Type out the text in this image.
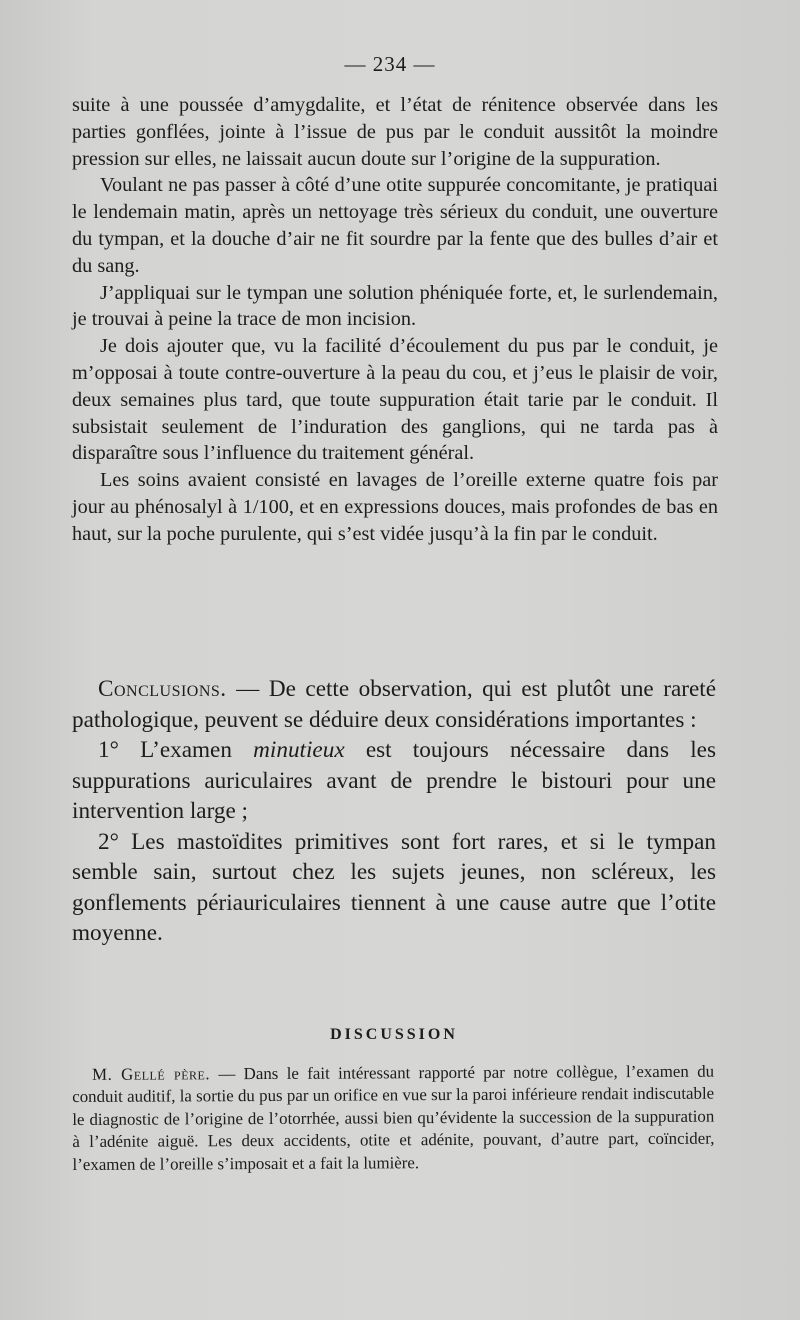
— 234 —

suite à une poussée d’amygdalite, et l’état de rénitence observée dans les parties gonflées, jointe à l’issue de pus par le conduit aussitôt la moindre pression sur elles, ne laissait aucun doute sur l’origine de la suppuration.

Voulant ne pas passer à côté d’une otite suppurée concomitante, je pratiquai le lendemain matin, après un nettoyage très sérieux du conduit, une ouverture du tympan, et la douche d’air ne fit sourdre par la fente que des bulles d’air et du sang.

J’appliquai sur le tympan une solution phéniquée forte, et, le surlendemain, je trouvai à peine la trace de mon incision.

Je dois ajouter que, vu la facilité d’écoulement du pus par le conduit, je m’opposai à toute contre-ouverture à la peau du cou, et j’eus le plaisir de voir, deux semaines plus tard, que toute suppuration était tarie par le conduit. Il subsistait seulement de l’induration des ganglions, qui ne tarda pas à disparaître sous l’influence du traitement général.

Les soins avaient consisté en lavages de l’oreille externe quatre fois par jour au phénosalyl à 1/100, et en expressions douces, mais profondes de bas en haut, sur la poche purulente, qui s’est vidée jusqu’à la fin par le conduit.

Conclusions. — De cette observation, qui est plutôt une rareté pathologique, peuvent se déduire deux considérations importantes :

1° L’examen minutieux est toujours nécessaire dans les suppurations auriculaires avant de prendre le bistouri pour une intervention large ;

2° Les mastoïdites primitives sont fort rares, et si le tympan semble sain, surtout chez les sujets jeunes, non scléreux, les gonflements périauriculaires tiennent à une cause autre que l’otite moyenne.

DISCUSSION

M. Gellé père. — Dans le fait intéressant rapporté par notre collègue, l’examen du conduit auditif, la sortie du pus par un orifice en vue sur la paroi inférieure rendait indiscutable le diagnostic de l’origine de l’otorrhée, aussi bien qu’évidente la succession de la suppuration à l’adénite aiguë. Les deux accidents, otite et adénite, pouvant, d’autre part, coïncider, l’examen de l’oreille s’imposait et a fait la lumière.
